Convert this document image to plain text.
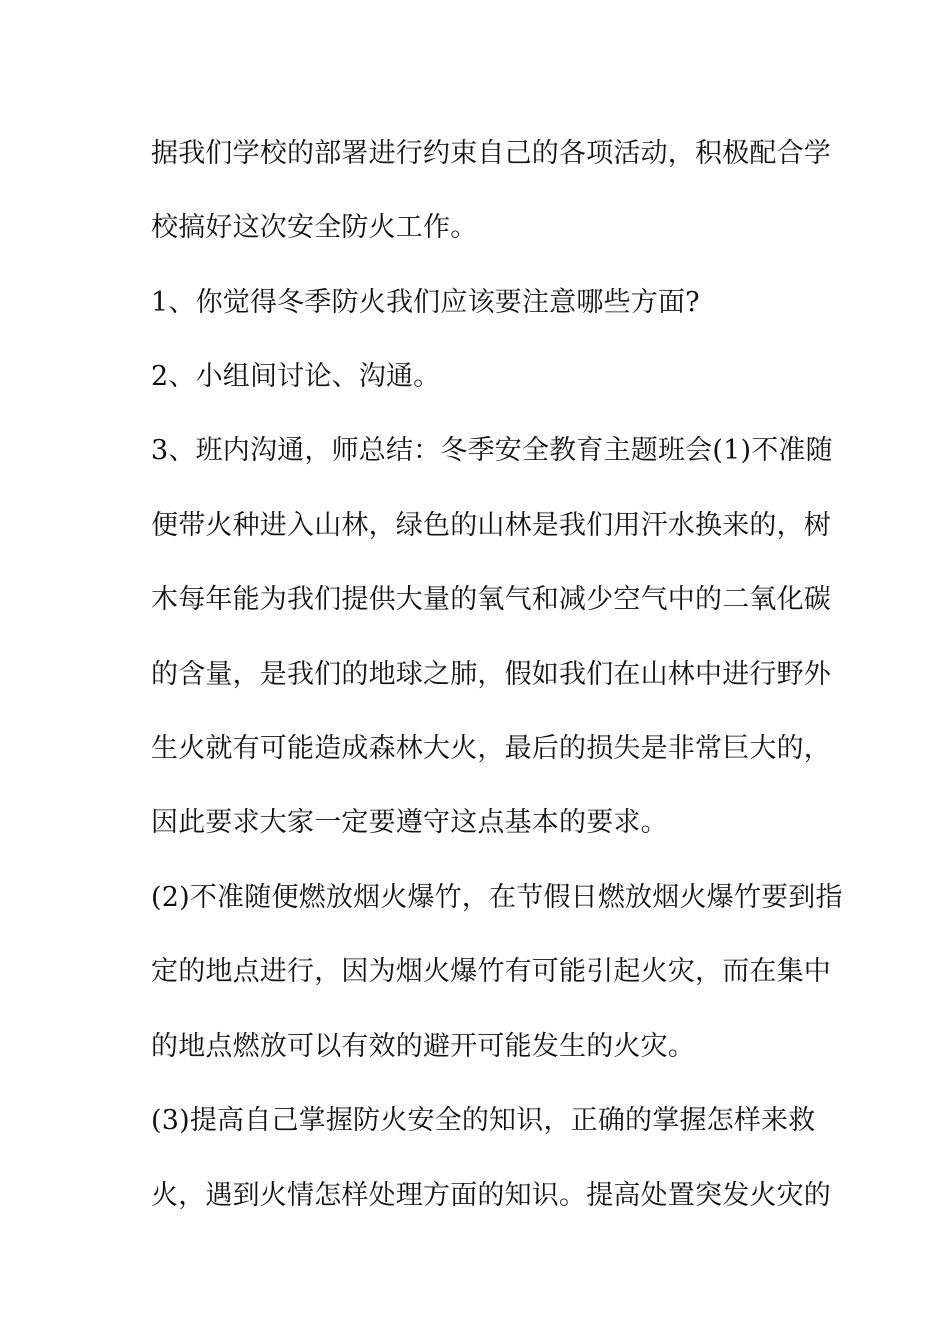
据我们学校的部署进行约束自己的各项活动，积极配合学

校搞好这次安全防火工作。

1、你觉得冬季防火我们应该要注意哪些方面?

2、小组间讨论、沟通。

3、班内沟通，师总结：冬季安全教育主题班会(1)不准随

便带火种进入山林，绿色的山林是我们用汗水换来的，树

木每年能为我们提供大量的氧气和减少空气中的二氧化碳

的含量，是我们的地球之肺，假如我们在山林中进行野外

生火就有可能造成森林大火，最后的损失是非常巨大的，

因此要求大家一定要遵守这点基本的要求。

(2)不准随便燃放烟火爆竹，在节假日燃放烟火爆竹要到指

定的地点进行，因为烟火爆竹有可能引起火灾，而在集中

的地点燃放可以有效的避开可能发生的火灾。

(3)提高自己掌握防火安全的知识，正确的掌握怎样来救

火，遇到火情怎样处理方面的知识。提高处置突发火灾的
